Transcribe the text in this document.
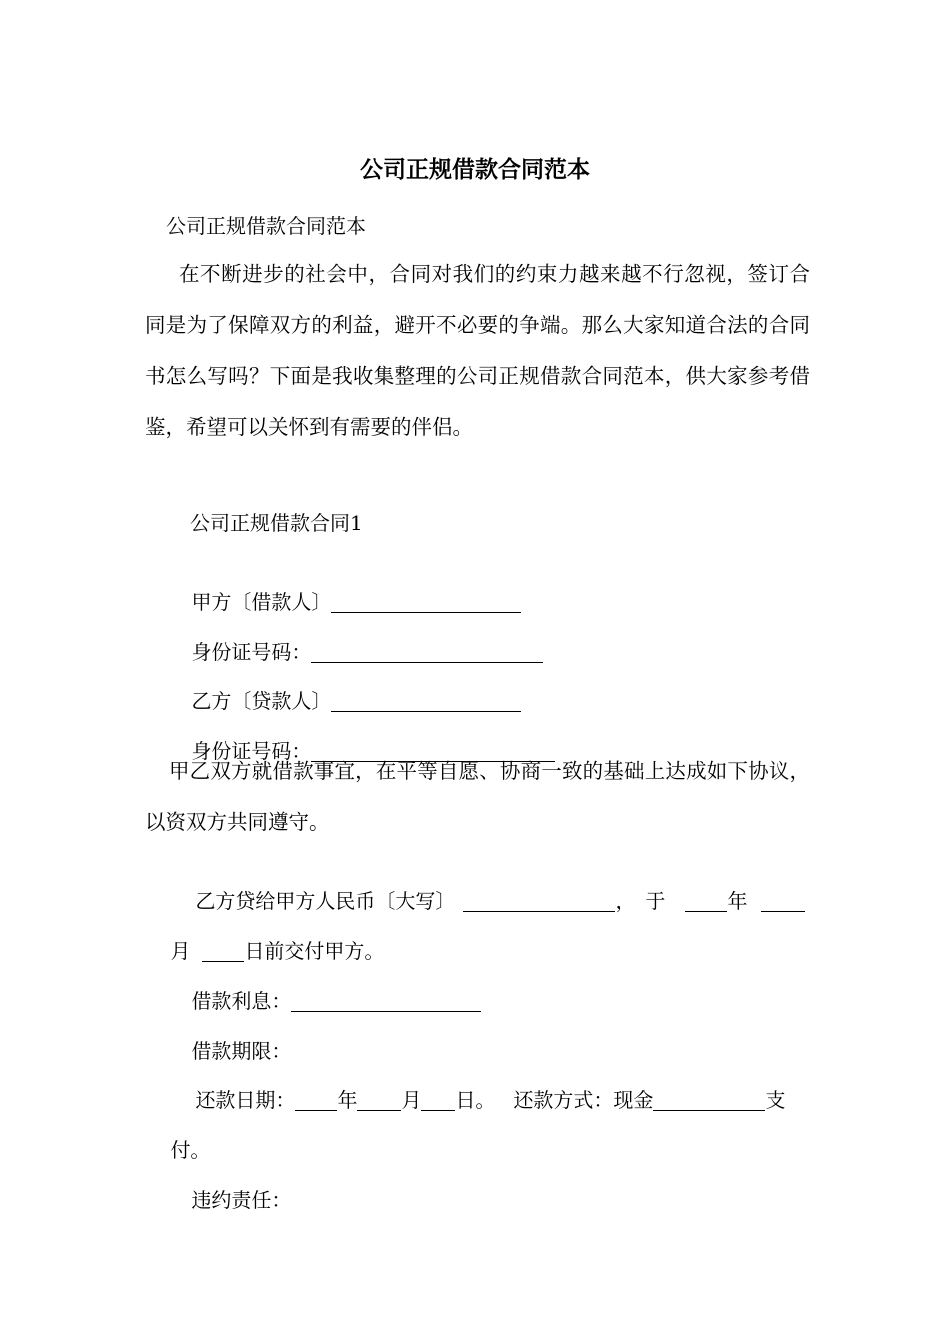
公司正规借款合同范本
公司正规借款合同范本
在不断进步的社会中，合同对我们的约束力越来越不行忽视，签订合同是为了保障双方的利益，避开不必要的争端。那么大家知道合法的合同书怎么写吗？下面是我收集整理的公司正规借款合同范本，供大家参考借鉴，希望可以关怀到有需要的伴侣。
公司正规借款合同1

甲方〔借款人〕

身份证号码：

乙方〔贷款人〕

身份证号码：

甲乙双方就借款事宜，在平等自愿、协商一致的基础上达成如下协议，以资双方共同遵守。

乙方贷给甲方人民币〔大写〕	，于	年

月	日前交付甲方。

借款利息：

借款期限：

还款日期： 年 月 日。 还款方式：现金	支

付。

违约责任：
